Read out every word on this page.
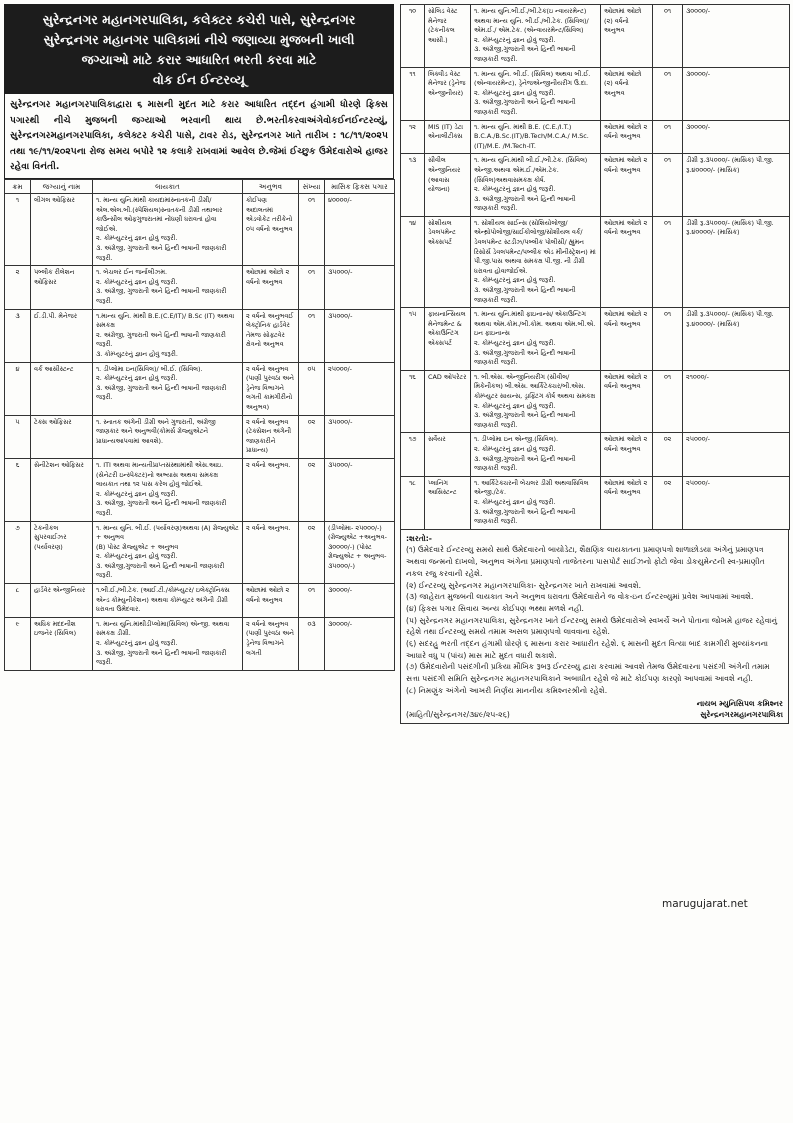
સુરેન્દ્રનગર મહાનગરપાલિકા, કલેક્ટર કચેરી પાસે, સુરેન્દ્રનગર
સુરેન્દ્રનગર મહાનગર પાલિકામાં નીચે જણાવ્યા મુજબની ખાલી
જગ્યાઓ માટે કરાર આધારિત ભરતી કરવા માટે
વોક ઈન ઈન્ટરવ્યૂ
સુરેન્દ્રનગર મહાનગરપાલિકાદ્વારા ૬ માસની મુદત માટે કરાર આધારિત તદ્દન હંગામી ધોરણે ફિક્સ પગારથી નીચે મુજબની જગ્યાઓ ભરવાની થાય છે.ભરતીકરવાઅંગેવોકઈનઈન્ટરવ્યું, સુરેન્દ્રનગરમહાનગરપાલિકા, કલેક્ટર કચેરી પાસે, ટાવર રોડ, સુરેન્દ્રનગર ખાતે તારીખ : ૧૮/૧૧/૨૦૨૫ તથા ૧૯/૧૧/૨૦૨૫ના રોજ સમય બપોરે ૧૨ કલાકે રાખવામાં આવેલ છે.જેમાં ઈચ્છુક ઉમેદવારોએ હાજર રહેવા વિનંતી.
ક્રમ	જગ્યાનું નામ	લાયકાત	અનુભવ	સંખ્યા	માસિક ફિક્સ પગાર
૧	લીગલ ઓફિસર	૧. માન્ય યુનિ.માંથી કાયદામાંસ્નાતકની ડીગ્રી/એલ.એલ.બી.(સ્પેશિયલ)સ્નાતકની ડીગ્રી તથાબાર કાઉન્સીલ ઓફગુજરાતમાં નોંધણી ધરાવતાં હોવા જોઈએ.
૨. કોમ્પ્યુટરનું જ્ઞાન હોવું જરૂરી.
૩. અંગ્રેજી, ગુજરાતી અને હિન્દી ભાષાની જાણકારી જરૂરી.	કોઈપણ અદાલતમાં એડવોકેટ તરીકેનો ૦૫ વર્ષનો અનુભવ	૦૧	૪૦૦૦૦/-
૨	પબ્લીક રીલેશન ઓફિસર	૧. બેચલર ઈન જર્નાલીઝમ.
૨. કોમ્પ્યુટરનું જ્ઞાન હોવું જરૂરી.
૩. અંગ્રેજી, ગુજરાતી અને હિન્દી ભાષાની જાણકારી જરૂરી.	ઓછામાં ઓછો ૨ વર્ષનો અનુભવ	૦૧	૩૫૦૦૦/-
૩	ઈ.ડી.પી. મેનેજર	૧.માન્ય યુનિ. માંથી B.E.(C.E/IT)/ B.Sc (IT) અથવા સમકક્ષ
૨. અંગ્રેજી, ગુજરાતી અને હિન્દી ભાષાની જાણકારી જરૂરી.
૩. કોમ્પ્યુટરનું જ્ઞાન હોવું જરૂરી.	૨ વર્ષનો અનુભવઈ લેક્ટ્રોનિક હાર્ડવેર તેમજ સોફ્ટવેર ક્ષેત્રનો અનુભવ	૦૧	૩૫૦૦૦/-
૪	વર્ક આસીસ્ટન્ટ	૧. ડીપ્લોમા ઇન(સિવિલ)/ બી.ઈ. (સિવિલ).
૨. કોમ્પ્યુટરનું જ્ઞાન હોવું જરૂરી.
૩. અંગ્રેજી, ગુજરાતી અને હિન્દી ભાષાની જાણકારી જરૂરી.	૨ વર્ષનો અનુભવ (પાણી પુરવઠા અને ડ્રેનેજ વિભાગને લગતી કામગીરીનો અનુભવ)	૦૫	૨૫૦૦૦/-
૫	ટેક્સ ઓફિસર	૧. સ્નાતક અંગેની ડીગ્રી અને ગુજરાતી, અંગ્રેજી જાણકાર અને અનુભવી(કોમર્સ ગ્રેજ્યુએટને પ્રાધાન્યઆપવામાં આવશે).	૨ વર્ષનો અનુભવ (ટેક્સેશન અંગેની જાણકારીને પ્રાધાન્ય)	૦૨	૩૫૦૦૦/-
૬	સેનીટેશન ઓફિસર	૧. ITI અથવા માન્યતીપ્રાપ્તસંસ્થામાંથી એસ.આઇ.(સેનેટરી ઇન્સ્પેક્ટર)નો અભ્યાસ અથવા સમકક્ષ લાયકાત તથા ૧૨ પાસ કરેલ હોવું જોઈએ.
૨. કોમ્પ્યુટરનું જ્ઞાન હોવું જરૂરી.
૩. અંગ્રેજી, ગુજરાતી અને હિન્દી ભાષાની જાણકારી જરૂરી.	૨ વર્ષનો અનુભવ.	૦૨	૩૫૦૦૦/-
૭	ટેકનીકલ સુપરવાઈઝર (પર્યાવરણ)	૧. માન્ય યુનિ. બી.ઈ. (પર્યાવરણ)અથવા (A) ગ્રેજ્યુએટ + અનુભવ
(B) પોસ્ટ ગ્રેજ્યુએટ + અનુભવ
૨. કોમ્પ્યુટરનું જ્ઞાન હોવું જરૂરી.
૩. અંગ્રેજી,ગુજરાતી અને હિન્દી ભાષાની જાણકારી જરૂરી.	૨ વર્ષનો અનુભવ.	૦૨	(ડીપ્લોમા- ૨૫૦૦૦/-) (ગ્રેજ્યુએટ +અનુભવ- ૩૦૦૦૦/-) (પોસ્ટ ગ્રેજ્યુએટ + અનુભવ- ૩૫૦૦૦/-)
૮	હાર્ડવેર એન્જીનિયર	૧.બી.ઈ./બી.ટેક. (આઈ.ટી./કોમ્પ્યુટર/ ઇલેક્ટ્રોનિક્સ એન્ડ કોમ્યુનીકેશન) અથવા કોમ્પ્યુટર અંગેની ડીગ્રી ધરાવતા ઉમેદવાર.	ઓછામાં ઓછો ૨ વર્ષનો અનુભવ	૦૧	૩૦૦૦૦/-
૯	અધિક મદદનીશ ઇજનેર (સિવિલ)	૧. માન્ય યુનિ.માંથીડીપ્લોમા(સિવિલ) એન્જી. અથવા સમકક્ષ ડીગ્રી.
૨. કોમ્પ્યુટરનું જ્ઞાન હોવું જરૂરી.
૩. અંગ્રેજી, ગુજરાતી અને હિન્દી ભાષાની જાણકારી જરૂરી.	૨ વર્ષનો અનુભવ (પાણી પુરવઠા અને ડ્રેનેજ વિભાગને લગતી	૦૩	૩૦૦૦૦/-
૧૦	સોલિડ વેસ્ટ મેનેજર (ટેકનીકલ આસી.)	૧. માન્ય યુનિ.બી.ઈ./બી.ટેક(ઇ ન્વાયરમેન્ટ) અથવા માન્ય યુનિ. બી.ઈ./બી.ટેક. (સિવિલ)/એમ.ઈ./ એમ.ટેક. (એન્વાયરમેન્ટ/સિવિલ)
૨. કોમ્પ્યુટરનું જ્ઞાન હોવું જરૂરી.
૩. અંગ્રેજી,ગુજરાતી અને હિન્દી ભાષાની જાણકારી જરૂરી.	ઓછામાં ઓછો (૨) વર્ષનો અનુભવ	૦૧	૩૦૦૦૦/-
૧૧	લિક્વીડ વેસ્ટ મેનેજર (ડ્રેનેજ એન્જીનીયર)	૧. માન્ય યુનિ. બી.ઈ. (સિવિલ) અથવા બી.ઈ. (એન્વાયરમેન્ટ), ડ્રેનેજએન્જીનીયરીંગ ઉ.દા.
૨. કોમ્પ્યુટરનું જ્ઞાન હોવું જરૂરી.
૩. અંગ્રેજી,ગુજરાતી અને હિન્દી ભાષાની જાણકારી જરૂરી.	ઓછામાં ઓછો (૨) વર્ષનો અનુભવ	૦૧	૩૦૦૦૦/-
૧૨	MIS (IT) ડેટા એનાલીટીક્સ	૧. માન્ય યુનિ. માંથી B.E. (C.E./I.T.) B.C.A./B.Sc.(IT)/B.Tech/M.C.A./ M.Sc.(IT)/M.E. /M.Tech-IT.	ઓછામાં ઓછો ૨ વર્ષનો અનુભવ	૦૧	૩૦૦૦૦/-
૧૩	સીવીલ એન્જીનિયર (આવાસ યોજના)	૧. માન્ય યુનિ.માંથી બી.ઈ./બી.ટેક. (સિવિલ) એન્જી.અથવા એમ.ઈ./એમ.ટેક. (સિવિલ)અથવાસમકક્ષ કોર્ષ.
૨. કોમ્પ્યુટરનું જ્ઞાન હોવું જરૂરી.
૩. અંગ્રેજી,ગુજરાતી અને હિન્દી ભાષાની જાણકારી જરૂરી.	ઓછામાં ઓછો ૨ વર્ષનો અનુભવ	૦૧	ડીગ્રી રૂ.૩૫૦૦૦/- (માસિક) પી.જી. રૂ.૪૦૦૦૦/- (માસિક)
૧૪	સોશીયલ ડેવલપમેન્ટ એક્સપર્ટ	૧. સોશીયલ સાઈન્સ (સોશિયોલોજી/ એન્થ્રોપોલોજી/સાઈકોલોજી/સોશીયલ વર્ક/ ડેવલપમેન્ટ સ્ટડીઝ/પબ્લીક પોલીસી/ હ્યુમન રિસોર્સ ડેવલપમેન્ટ/પબ્લીક એડ મીનીસ્ટ્રેશન) માં પી.જી.પાસ અથવા સમકક્ષ પી.જી. ની ડીગ્રી ધરાવતા હોવાજોઈએ.
૨. કોમ્પ્યુટરનું જ્ઞાન હોવું જરૂરી.
૩. અંગ્રેજી,ગુજરાતી અને હિન્દી ભાષાની જાણકારી જરૂરી.	ઓછામાં ઓછો ૨ વર્ષનો અનુભવ	૦૧	ડીગ્રી રૂ.૩૫૦૦૦/- (માસિક) પી.જી. રૂ.૪૦૦૦૦/- (માસિક)
૧૫	ફાયનાન્સિયલ મેનેજમેન્ટ & એકાઉન્ટિંગ એક્સપર્ટ	૧. માન્ય યુનિ.માંથી ફાઇનાન્સ/ એકાઉન્ટિંગ અથવા એમ.કોમ./બી.કોમ. અથવા એમ.બી.એ. ઇન ફાઇનાન્સ
૨. કોમ્પ્યુટરનું જ્ઞાન હોવું જરૂરી.
૩. અંગ્રેજી,ગુજરાતી અને હિન્દી ભાષાની જાણકારી જરૂરી.	ઓછામાં ઓછો ૨ વર્ષનો અનુભવ	૦૧	ડીગ્રી રૂ.૩૫૦૦૦/- (માસિક) પી.જી. રૂ.૪૦૦૦૦/- (માસિક)
૧૬	CAD ઓપરેટર	૧. બી.એસ. એન્જીનિયરીંગ (સીવીલ/મિકેનીકલ) બી.એસ. આર્કિટેક્ચર/બી.એસ. કોમ્પ્યુટર સાયન્સ, ડ્રાફ્ટિંગ કોર્ષ અથવા સમકક્ષ
૨. કોમ્પ્યુટરનું જ્ઞાન હોવું જરૂરી.
૩. અંગ્રેજી,ગુજરાતી અને હિન્દી ભાષાની જાણકારી જરૂરી.	ઓછામાં ઓછો ૨ વર્ષનો અનુભવ	૦૧	૨૧૦૦૦/-
૧૭	સર્વેયર	૧. ડીપ્લોમા ઇન એન્જી.(સિવિલ).
૨. કોમ્પ્યુટરનું જ્ઞાન હોવું જરૂરી.
૩. અંગ્રેજી,ગુજરાતી અને હિન્દી ભાષાની જાણકારી જરૂરી.	ઓછામાં ઓછો ૨ વર્ષનો અનુભવ	૦૨	૨૫૦૦૦/-
૧૮	પ્લાનિંગ આસિસ્ટન્ટ	૧. આર્કિટેક્ચરની બેચલર ડીગ્રી અથવાસિવિલ એન્જી./ટેક.
૨. કોમ્પ્યુટરનું જ્ઞાન હોવું જરૂરી.
૩. અંગ્રેજી,ગુજરાતી અને હિન્દી ભાષાની જાણકારી જરૂરી.	ઓછામાં ઓછો ૨ વર્ષનો અનુભવ	૦૨	૨૫૦૦૦/-
:શરતો:-
(૧) ઉમેદવારે ઈન્ટરવ્યુ સમયે સાથે ઉમેદવારનો બાયોડેટા, શૈક્ષણિક લાયકાતના પ્રમાણપત્રો શાળાછોડયા અંગેનું પ્રમાણપત્ર અથવા જન્મનો દાખલો, અનુભવ અંગેના પ્રમાણપત્રો તાજેતરના પાસપોર્ટ સાઈઝનો ફોટો જેવા ડોકયુમેન્ટની સ્વ-પ્રમાણીત નકલ રજુ કરવાની રહેશે.
(૨) ઈન્ટરવ્યુ સુરેન્દ્રનગર મહાનગરપાલિકા- સુરેન્દ્રનગર ખાતે રાખવામાં આવશે.
(૩) જાહેરાત મુજબની લાયકાત અને અનુભવ ધરાવતા ઉમેદવારોને જ વોક-ઇન ઈન્ટરવ્યુમાં પ્રવેશ આપવામાં આવશે.
(૪) ફિક્સ પગાર સિવાય અન્ય કોઈપણ ભથ્થા મળશે નહી.
(૫) સુરેન્દ્રનગર મહાનગરપાલિકા, સુરેન્દ્રનગર ખાતે ઈન્ટરવ્યુ સમયે ઉમેદવારોએ સ્વખર્ચે અને પોતાના જોખમે હાજર રહેવાનું રહેશે તથા ઈન્ટરવ્યુ સમયે તમામ અસલ પ્રમાણપત્રો લાવવાના રહેશે.
(૬) સદરહુ ભરતી તદ્દન હંગામી ધોરણે ૬ માસના કરાર આધારીત રહેશે. ૬ માસની મુદત વિત્યા બાદ કામગીરી મુલ્યાંકનના આધારે વધુ ૫ (પાંચ) માસ માટે મુદત વધારી શકાશે.
(૭) ઉમેદવારોની પસંદગીની પ્રકિયા મૌખિક રૂબરૂ ઈન્ટરવ્યુ દ્વારા કરવામાં આવશે તેમજ ઉમેદવારના પસંદગી અંગેની તમામ સત્તા પસંદગી સમિતિ સુરેન્દ્રનગર મહાનગરપાલિકાને અબાધીત રહેશે જે માટે કોઈપણ કારણો આપવામાં આવશે નહી.
(૮) નિમણુંક અંગેનો આખરી નિર્ણય માનનીય કમિશ્નરશ્રીનો રહેશે.
(માહિતી/સુરેન્દ્રનગર/૩૪૯/૨૫-૨૬)
નાયબ મ્યુનિસિપલ કમિશ્નર
સુરેન્દ્રનગરમહાનગરપાલિકા
marugujarat.net
